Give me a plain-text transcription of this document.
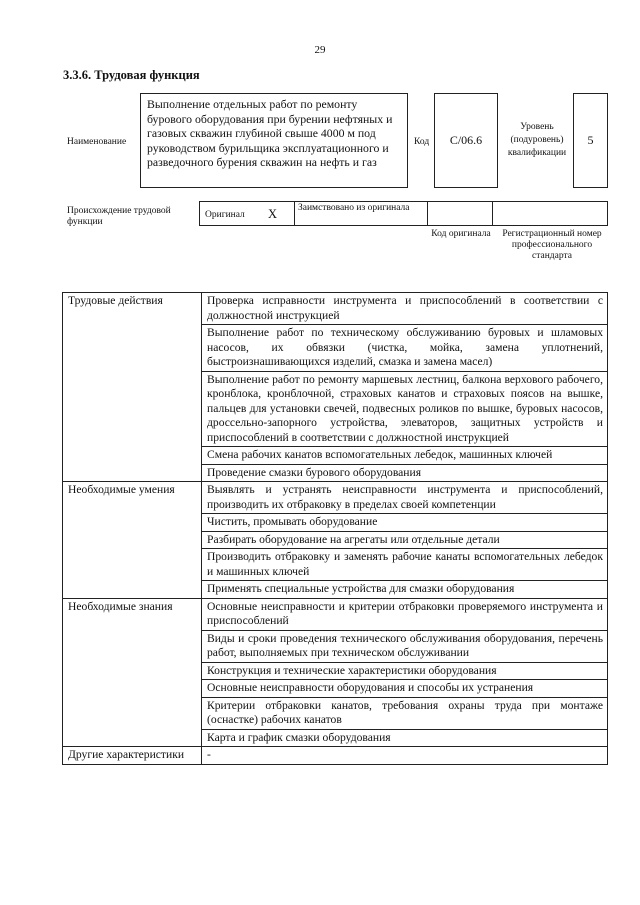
29
3.3.6. Трудовая функция
Наименование
Выполнение отдельных работ по ремонту бурового оборудования при бурении нефтяных и газовых скважин глубиной свыше 4000 м под руководством бурильщика эксплуатационного и разведочного бурения скважин на нефть и газ
Код	C/06.6
Уровень (подуровень) квалификации
5
Происхождение трудовой функции
Оригинал X Заимствовано из оригинала
Код оригинала	Регистрационный номер профессионального стандарта
Трудовые действия	Проверка исправности инструмента и приспособлений в соответствии с должностной инструкцией
	Выполнение работ по техническому обслуживанию буровых и шламовых насосов, их обвязки (чистка, мойка, замена уплотнений, быстроизнашивающихся изделий, смазка и замена масел)
	Выполнение работ по ремонту маршевых лестниц, балкона верхового рабочего, кронблока, кронблочной, страховых канатов и страховых поясов на вышке, пальцев для установки свечей, подвесных роликов по вышке, буровых насосов, дроссельно-запорного устройства, элеваторов, защитных устройств и приспособлений в соответствии с должностной инструкцией
	Смена рабочих канатов вспомогательных лебедок, машинных ключей
	Проведение смазки бурового оборудования
Необходимые умения	Выявлять и устранять неисправности инструмента и приспособлений, производить их отбраковку в пределах своей компетенции
	Чистить, промывать оборудование
	Разбирать оборудование на агрегаты или отдельные детали
	Производить отбраковку и заменять рабочие канаты вспомогательных лебедок и машинных ключей
	Применять специальные устройства для смазки оборудования
Необходимые знания	Основные неисправности и критерии отбраковки проверяемого инструмента и приспособлений
	Виды и сроки проведения технического обслуживания оборудования, перечень работ, выполняемых при техническом обслуживании
	Конструкция и технические характеристики оборудования
	Основные неисправности оборудования и способы их устранения
	Критерии отбраковки канатов, требования охраны труда при монтаже (оснастке) рабочих канатов
	Карта и график смазки оборудования
Другие характеристики	-
